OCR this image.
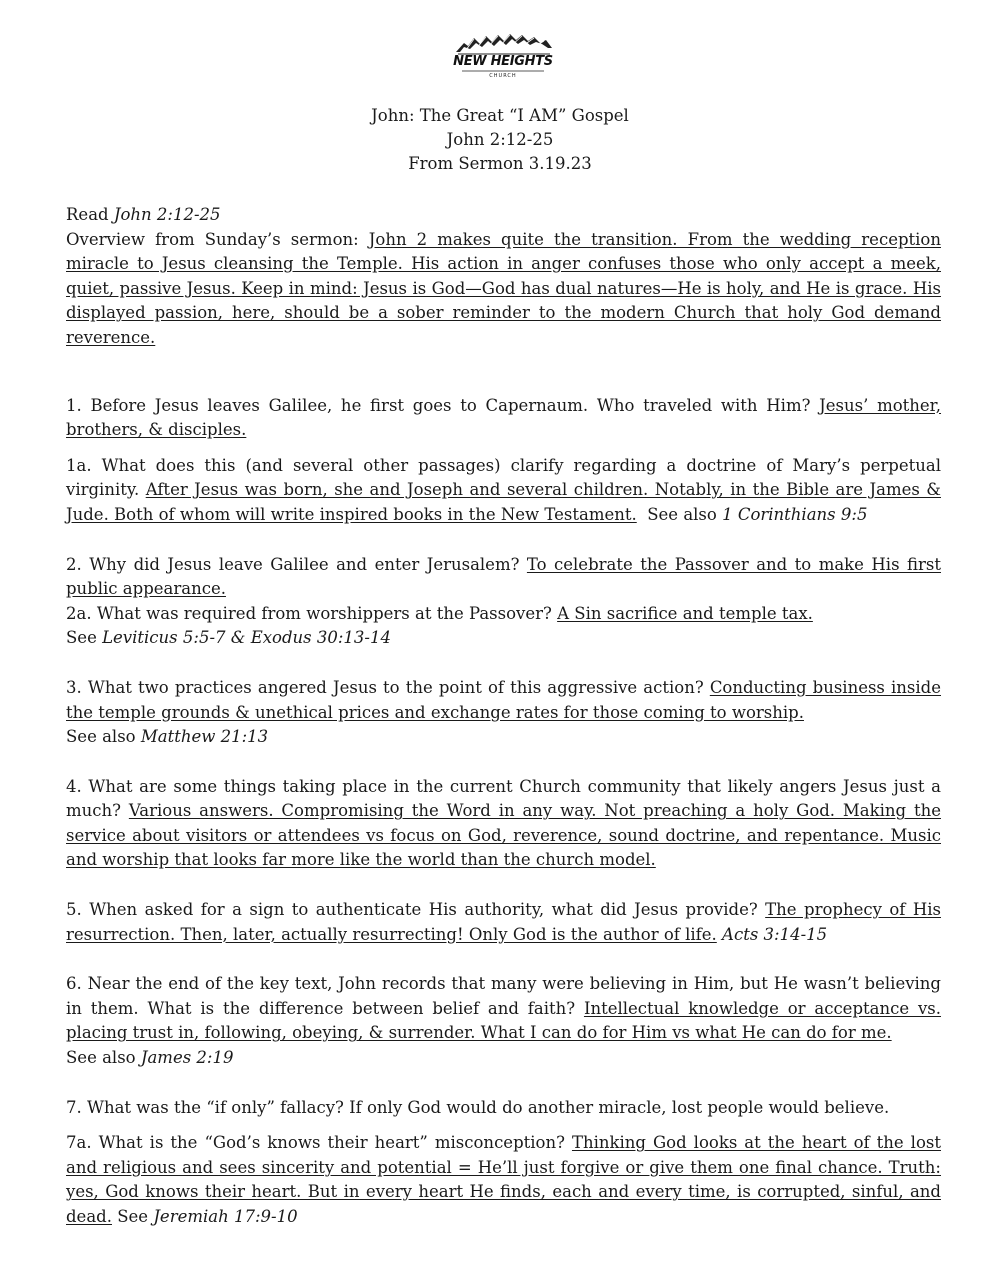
NEW HEIGHTS
CHURCH
John: The Great “I AM” Gospel
John 2:12-25
From Sermon 3.19.23

Read John 2:12-25

Overview from Sunday’s sermon: John 2 makes quite the transition. From the wedding reception miracle to Jesus cleansing the Temple. His action in anger confuses those who only accept a meek, quiet, passive Jesus. Keep in mind: Jesus is God—God has dual natures—He is holy, and He is grace. His displayed passion, here, should be a sober reminder to the modern Church that holy God demand reverence.

1. Before Jesus leaves Galilee, he first goes to Capernaum. Who traveled with Him? Jesus’ mother, brothers, & disciples.

1a. What does this (and several other passages) clarify regarding a doctrine of Mary’s perpetual virginity. After Jesus was born, she and Joseph and several children. Notably, in the Bible are James & Jude. Both of whom will write inspired books in the New Testament.  See also 1 Corinthians 9:5

2. Why did Jesus leave Galilee and enter Jerusalem? To celebrate the Passover and to make His first public appearance.

2a. What was required from worshippers at the Passover? A Sin sacrifice and temple tax.

See Leviticus 5:5-7 & Exodus 30:13-14

3. What two practices angered Jesus to the point of this aggressive action? Conducting business inside the temple grounds & unethical prices and exchange rates for those coming to worship.

See also Matthew 21:13

4. What are some things taking place in the current Church community that likely angers Jesus just a much? Various answers. Compromising the Word in any way. Not preaching a holy God. Making the service about visitors or attendees vs focus on God, reverence, sound doctrine, and repentance. Music and worship that looks far more like the world than the church model.

5. When asked for a sign to authenticate His authority, what did Jesus provide? The prophecy of His resurrection. Then, later, actually resurrecting! Only God is the author of life. Acts 3:14-15

6. Near the end of the key text, John records that many were believing in Him, but He wasn’t believing in them. What is the difference between belief and faith? Intellectual knowledge or acceptance vs. placing trust in, following, obeying, & surrender. What I can do for Him vs what He can do for me.

See also James 2:19

7. What was the “if only” fallacy? If only God would do another miracle, lost people would believe.

7a. What is the “God’s knows their heart” misconception? Thinking God looks at the heart of the lost and religious and sees sincerity and potential = He’ll just forgive or give them one final chance. Truth: yes, God knows their heart. But in every heart He finds, each and every time, is corrupted, sinful, and dead. See Jeremiah 17:9-10
